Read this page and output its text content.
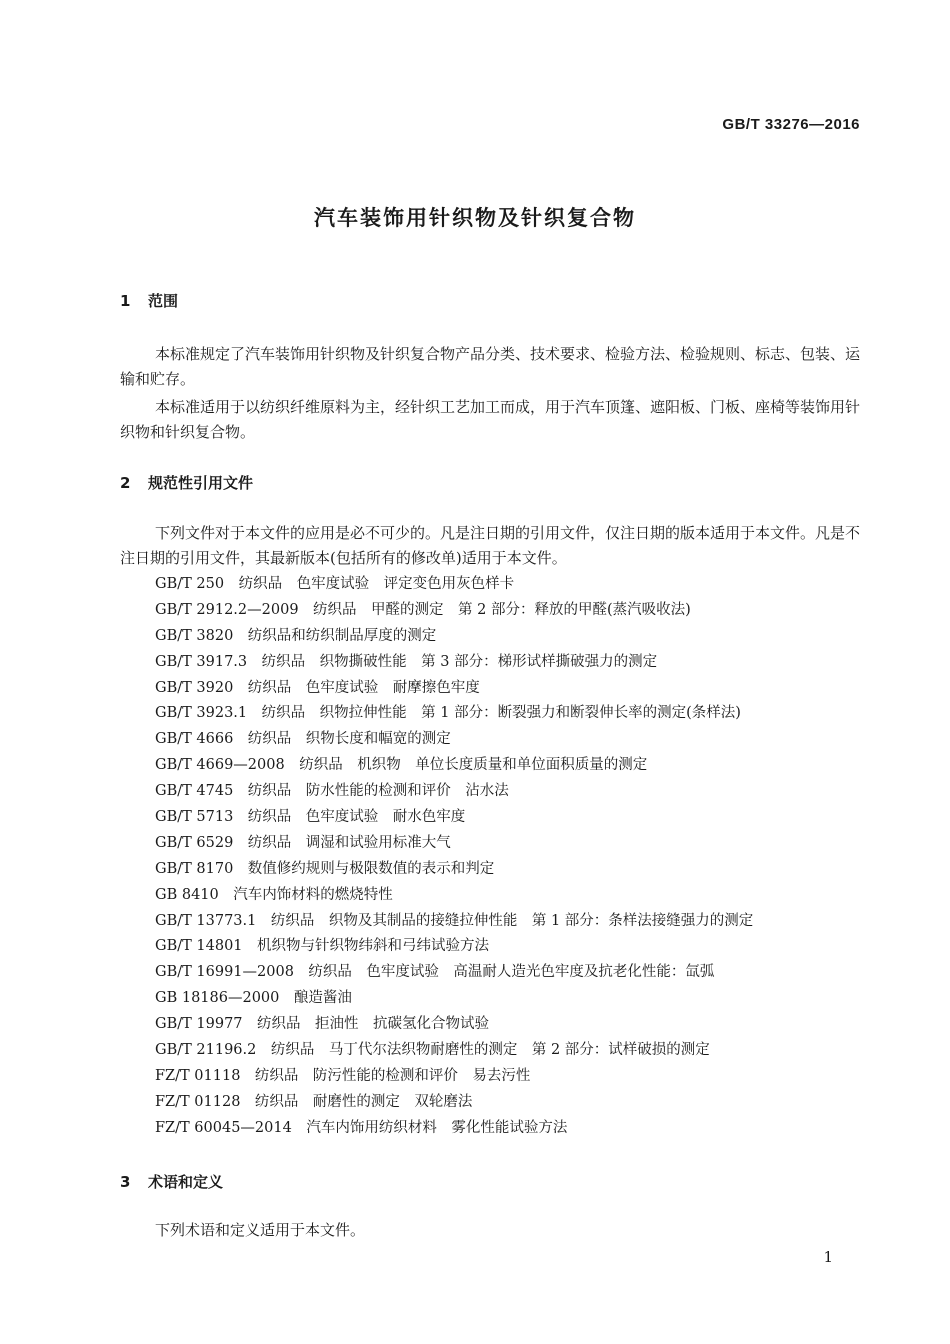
GB/T 33276—2016
汽车装饰用针织物及针织复合物
1 范围
本标准规定了汽车装饰用针织物及针织复合物产品分类、技术要求、检验方法、检验规则、标志、包装、运输和贮存。
本标准适用于以纺织纤维原料为主，经针织工艺加工而成，用于汽车顶篷、遮阳板、门板、座椅等装饰用针织物和针织复合物。
2 规范性引用文件
下列文件对于本文件的应用是必不可少的。凡是注日期的引用文件，仅注日期的版本适用于本文件。凡是不注日期的引用文件，其最新版本(包括所有的修改单)适用于本文件。
GB/T 250　纺织品　色牢度试验　评定变色用灰色样卡
GB/T 2912.2—2009　纺织品　甲醛的测定　第 2 部分：释放的甲醛(蒸汽吸收法)
GB/T 3820　纺织品和纺织制品厚度的测定
GB/T 3917.3　纺织品　织物撕破性能　第 3 部分：梯形试样撕破强力的测定
GB/T 3920　纺织品　色牢度试验　耐摩擦色牢度
GB/T 3923.1　纺织品　织物拉伸性能　第 1 部分：断裂强力和断裂伸长率的测定(条样法)
GB/T 4666　纺织品　织物长度和幅宽的测定
GB/T 4669—2008　纺织品　机织物　单位长度质量和单位面积质量的测定
GB/T 4745　纺织品　防水性能的检测和评价　沾水法
GB/T 5713　纺织品　色牢度试验　耐水色牢度
GB/T 6529　纺织品　调湿和试验用标准大气
GB/T 8170　数值修约规则与极限数值的表示和判定
GB 8410　汽车内饰材料的燃烧特性
GB/T 13773.1　纺织品　织物及其制品的接缝拉伸性能　第 1 部分：条样法接缝强力的测定
GB/T 14801　机织物与针织物纬斜和弓纬试验方法
GB/T 16991—2008　纺织品　色牢度试验　高温耐人造光色牢度及抗老化性能：氙弧
GB 18186—2000　酿造酱油
GB/T 19977　纺织品　拒油性　抗碳氢化合物试验
GB/T 21196.2　纺织品　马丁代尔法织物耐磨性的测定　第 2 部分：试样破损的测定
FZ/T 01118　纺织品　防污性能的检测和评价　易去污性
FZ/T 01128　纺织品　耐磨性的测定　双轮磨法
FZ/T 60045—2014　汽车内饰用纺织材料　雾化性能试验方法
3 术语和定义
下列术语和定义适用于本文件。
1
